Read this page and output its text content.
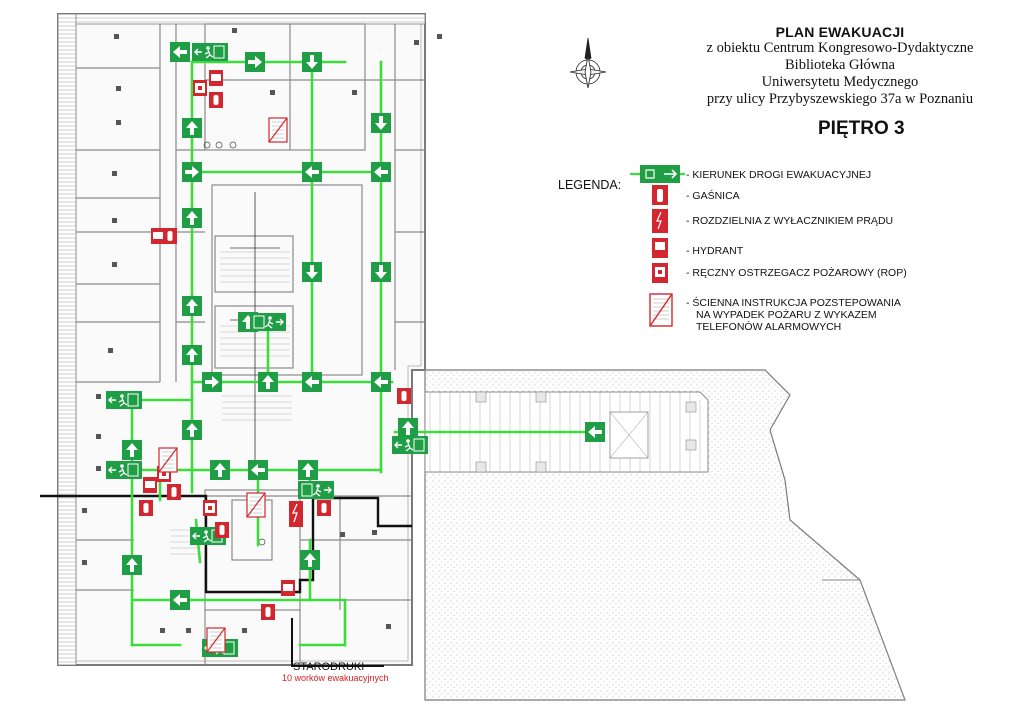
PLAN EWAKUACJI
z obiektu Centrum Kongresowo-Dydaktyczne
Biblioteka Główna
Uniwersytetu Medycznego
przy ulicy Przybyszewskiego 37a w Poznaniu
PIĘTRO 3
LEGENDA:
- KIERUNEK DROGI EWAKUACYJNEJ
- GAŚNICA
- ROZDZIELNIA Z WYŁACZNIKIEM PRĄDU
- HYDRANT
- RĘCZNY OSTRZEGACZ POŻAROWY (ROP)
- ŚCIENNA INSTRUKCJA POZSTEPOWANIA
NA WYPADEK POŻARU Z WYKAZEM
TELEFONÓW ALARMOWYCH
STARODRUKI
10 worków ewakuacyjnych
